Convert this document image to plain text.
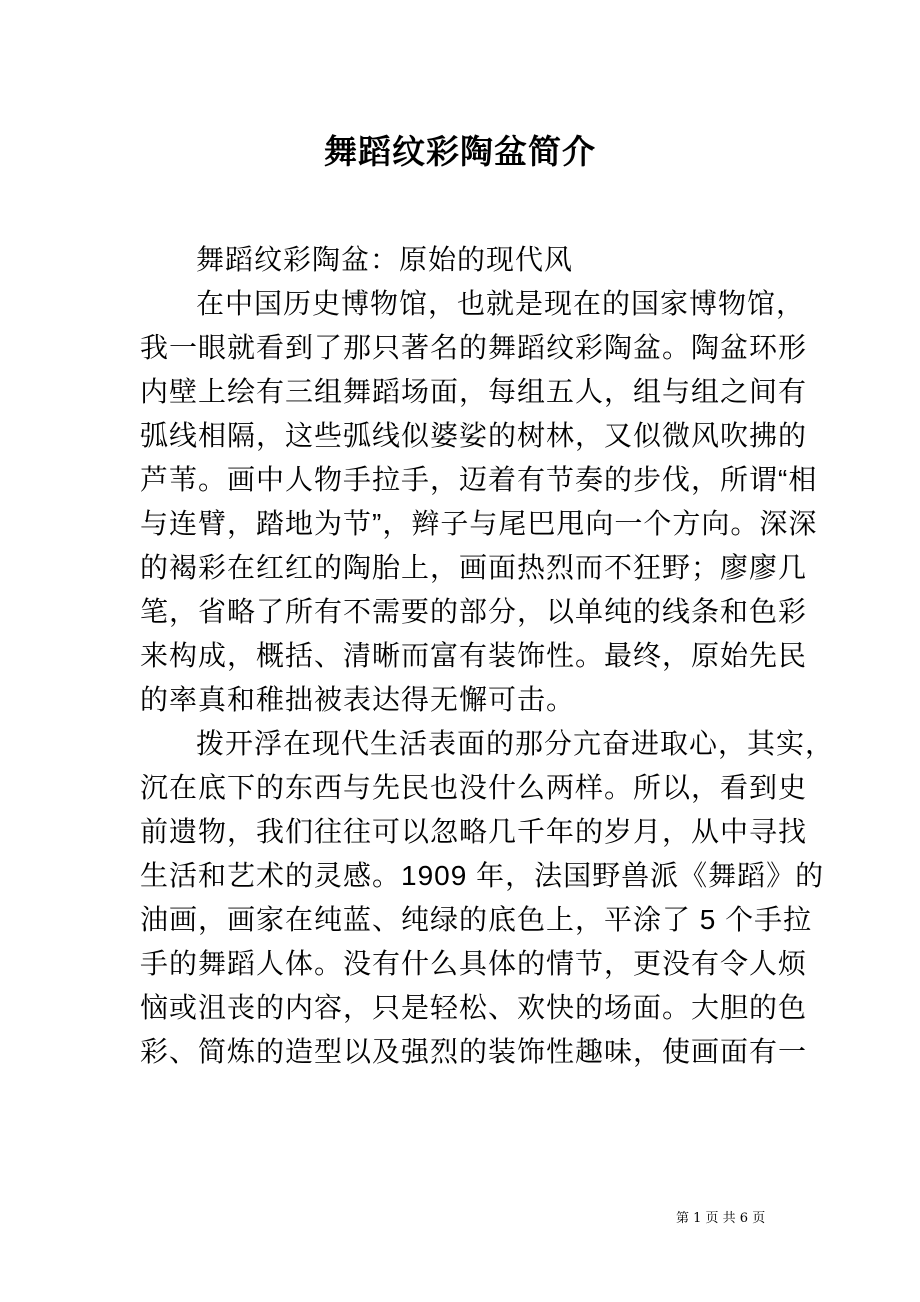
舞蹈纹彩陶盆简介
舞蹈纹彩陶盆：原始的现代风
在中国历史博物馆，也就是现在的国家博物馆，
我一眼就看到了那只著名的舞蹈纹彩陶盆。陶盆环形
内壁上绘有三组舞蹈场面，每组五人，组与组之间有
弧线相隔，这些弧线似婆娑的树林，又似微风吹拂的
芦苇。画中人物手拉手，迈着有节奏的步伐，所谓“相
与连臂，踏地为节”，辫子与尾巴甩向一个方向。深深
的褐彩在红红的陶胎上，画面热烈而不狂野；廖廖几
笔，省略了所有不需要的部分，以单纯的线条和色彩
来构成，概括、清晰而富有装饰性。最终，原始先民
的率真和稚拙被表达得无懈可击。
拨开浮在现代生活表面的那分亢奋进取心，其实，
沉在底下的东西与先民也没什么两样。所以，看到史
前遗物，我们往往可以忽略几千年的岁月，从中寻找
生活和艺术的灵感。1909 年，法国野兽派《舞蹈》的
油画，画家在纯蓝、纯绿的底色上，平涂了 5 个手拉
手的舞蹈人体。没有什么具体的情节，更没有令人烦
恼或沮丧的内容，只是轻松、欢快的场面。大胆的色
彩、简炼的造型以及强烈的装饰性趣味，使画面有一
第 1 页 共 6 页
